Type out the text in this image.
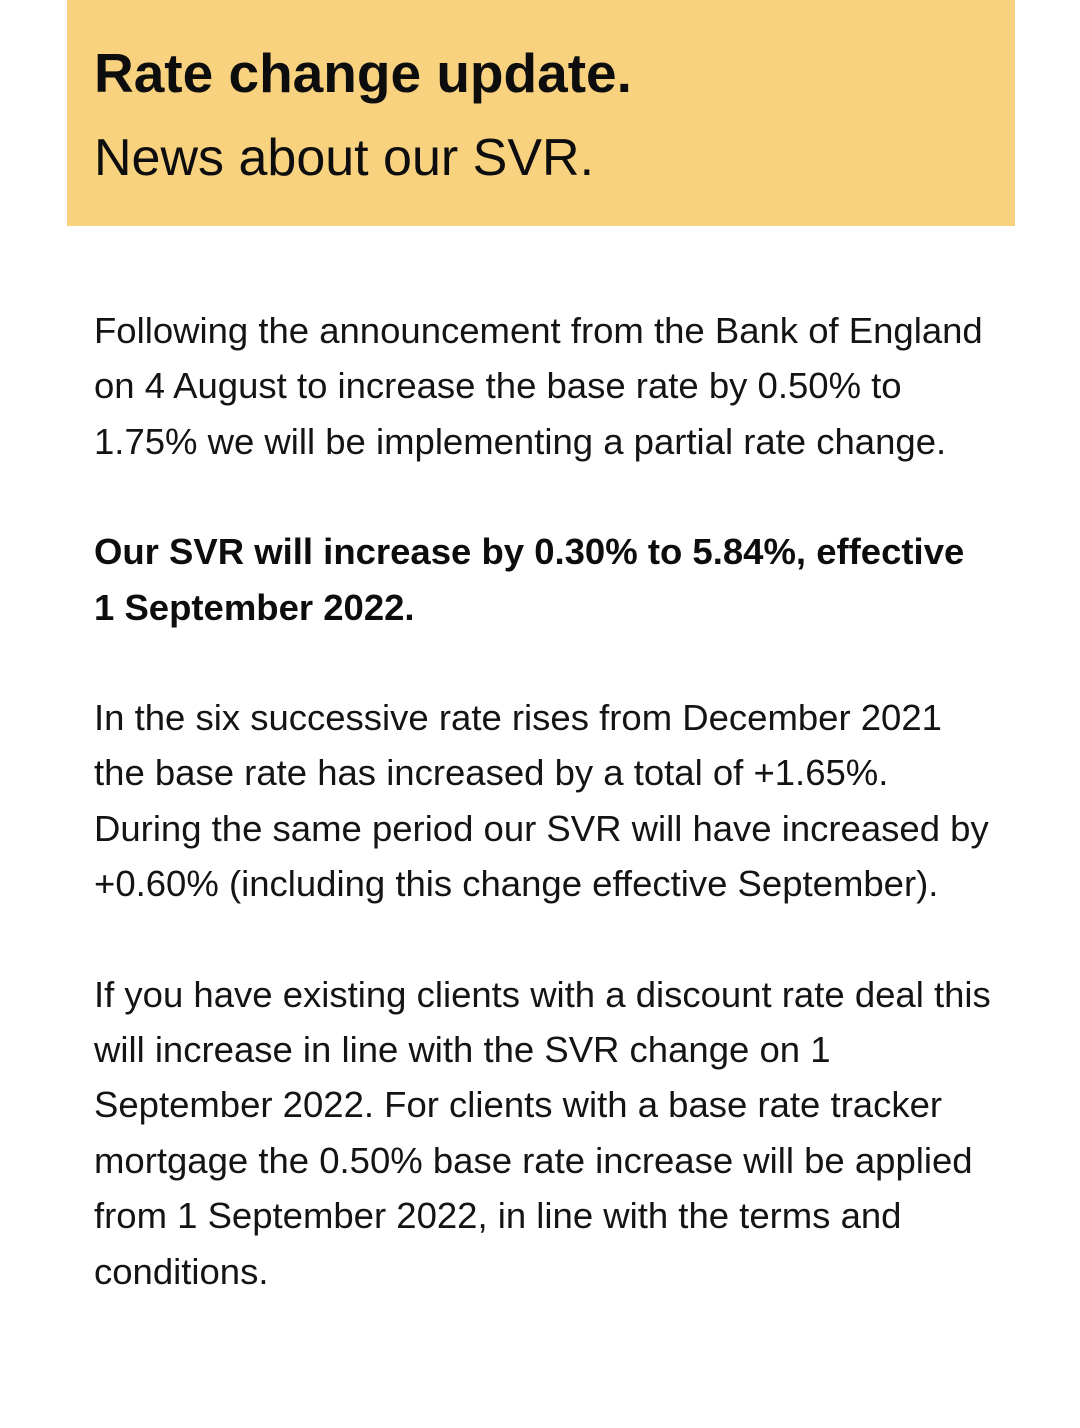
Rate change update.
News about our SVR.

Following the announcement from the Bank of England on 4 August to increase the base rate by 0.50% to 1.75% we will be implementing a partial rate change.

Our SVR will increase by 0.30% to 5.84%, effective 1 September 2022.

In the six successive rate rises from December 2021 the base rate has increased by a total of +1.65%. During the same period our SVR will have increased by +0.60% (including this change effective September).

If you have existing clients with a discount rate deal this will increase in line with the SVR change on 1 September 2022. For clients with a base rate tracker mortgage the 0.50% base rate increase will be applied from 1 September 2022, in line with the terms and conditions.
